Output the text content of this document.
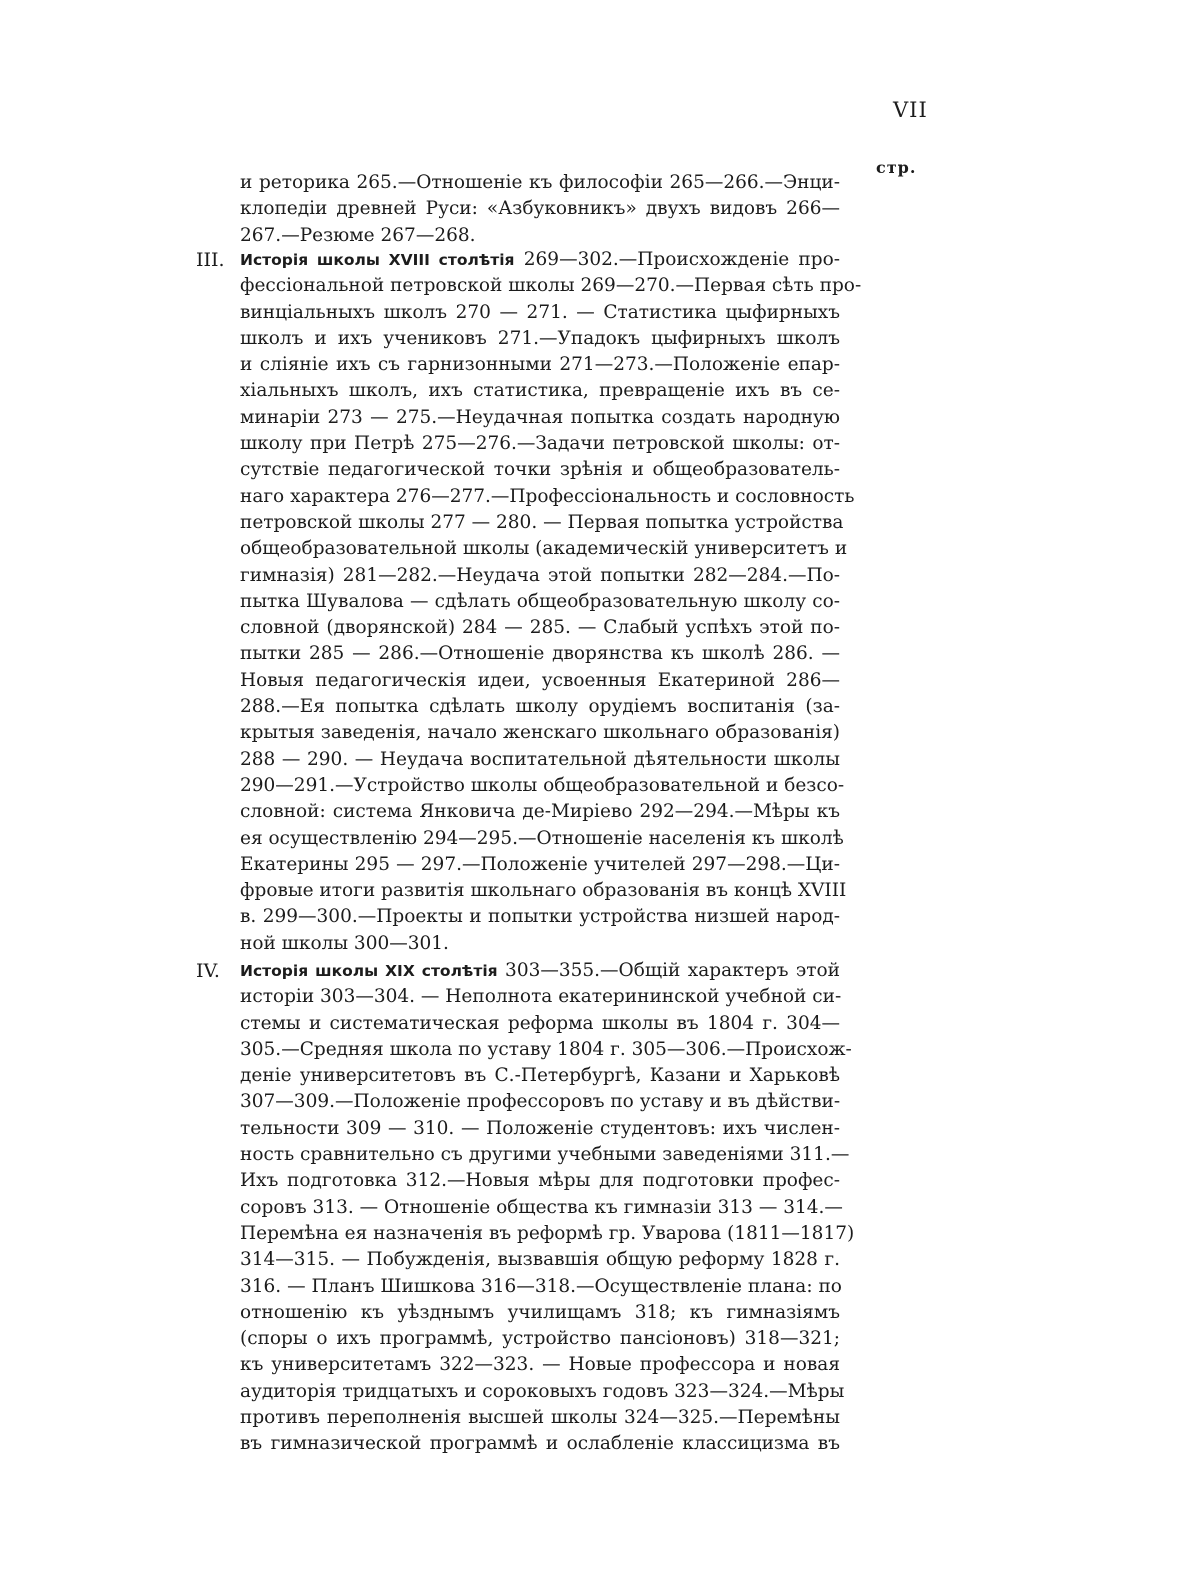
VII
стр.
и реторика 265.—Отношеніе къ философіи 265—266.—Энци-
клопедіи древней Руси: «Азбуковникъ» двухъ видовъ 266—
267.—Резюме 267—268.
III. Исторія школы XVIII столѣтія 269—302.—Происхожденіе про-
фессіональной петровской школы 269—270.—Первая сѣть про-
винціальныхъ школъ 270 — 271. — Статистика цыфирныхъ
школъ и ихъ учениковъ 271.—Упадокъ цыфирныхъ школъ
и сліяніе ихъ съ гарнизонными 271—273.—Положеніе епар-
хіальныхъ школъ, ихъ статистика, превращеніе ихъ въ се-
минаріи 273 — 275.—Неудачная попытка создать народную
школу при Петрѣ 275—276.—Задачи петровской школы: от-
сутствіе педагогической точки зрѣнія и общеобразователь-
наго характера 276—277.—Профессіональность и сословность
петровской школы 277 — 280. — Первая попытка устройства
общеобразовательной школы (академическій университетъ и
гимназія) 281—282.—Неудача этой попытки 282—284.—По-
пытка Шувалова — сдѣлать общеобразовательную школу со-
словной (дворянской) 284 — 285. — Слабый успѣхъ этой по-
пытки 285 — 286.—Отношеніе дворянства къ школѣ 286. —
Новыя педагогическія идеи, усвоенныя Екатериной 286—
288.—Ея попытка сдѣлать школу орудіемъ воспитанія (за-
крытыя заведенія, начало женскаго школьнаго образованія)
288 — 290. — Неудача воспитательной дѣятельности школы
290—291.—Устройство школы общеобразовательной и безсо-
словной: система Янковича де-Миріево 292—294.—Мѣры къ
ея осуществленію 294—295.—Отношеніе населенія къ школѣ
Екатерины 295 — 297.—Положеніе учителей 297—298.—Ци-
фровые итоги развитія школьнаго образованія въ концѣ XVIII
в. 299—300.—Проекты и попытки устройства низшей народ-
ной школы 300—301.
IV. Исторія школы XIX столѣтія 303—355.—Общій характеръ этой
исторіи 303—304. — Неполнота екатерининской учебной си-
стемы и систематическая реформа школы въ 1804 г. 304—
305.—Средняя школа по уставу 1804 г. 305—306.—Происхож-
деніе университетовъ въ С.-Петербургѣ, Казани и Харьковѣ
307—309.—Положеніе профессоровъ по уставу и въ дѣйстви-
тельности 309 — 310. — Положеніе студентовъ: ихъ числен-
ность сравнительно съ другими учебными заведеніями 311.—
Ихъ подготовка 312.—Новыя мѣры для подготовки профес-
соровъ 313. — Отношеніе общества къ гимназіи 313 — 314.—
Перемѣна ея назначенія въ реформѣ гр. Уварова (1811—1817)
314—315. — Побужденія, вызвавшія общую реформу 1828 г.
316. — Планъ Шишкова 316—318.—Осуществленіе плана: по
отношенію къ уѣзднымъ училищамъ 318; къ гимназіямъ
(споры о ихъ программѣ, устройство пансіоновъ) 318—321;
къ университетамъ 322—323. — Новые профессора и новая
аудиторія тридцатыхъ и сороковыхъ годовъ 323—324.—Мѣры
противъ переполненія высшей школы 324—325.—Перемѣны
въ гимназической программѣ и ослабленіе классицизма въ
